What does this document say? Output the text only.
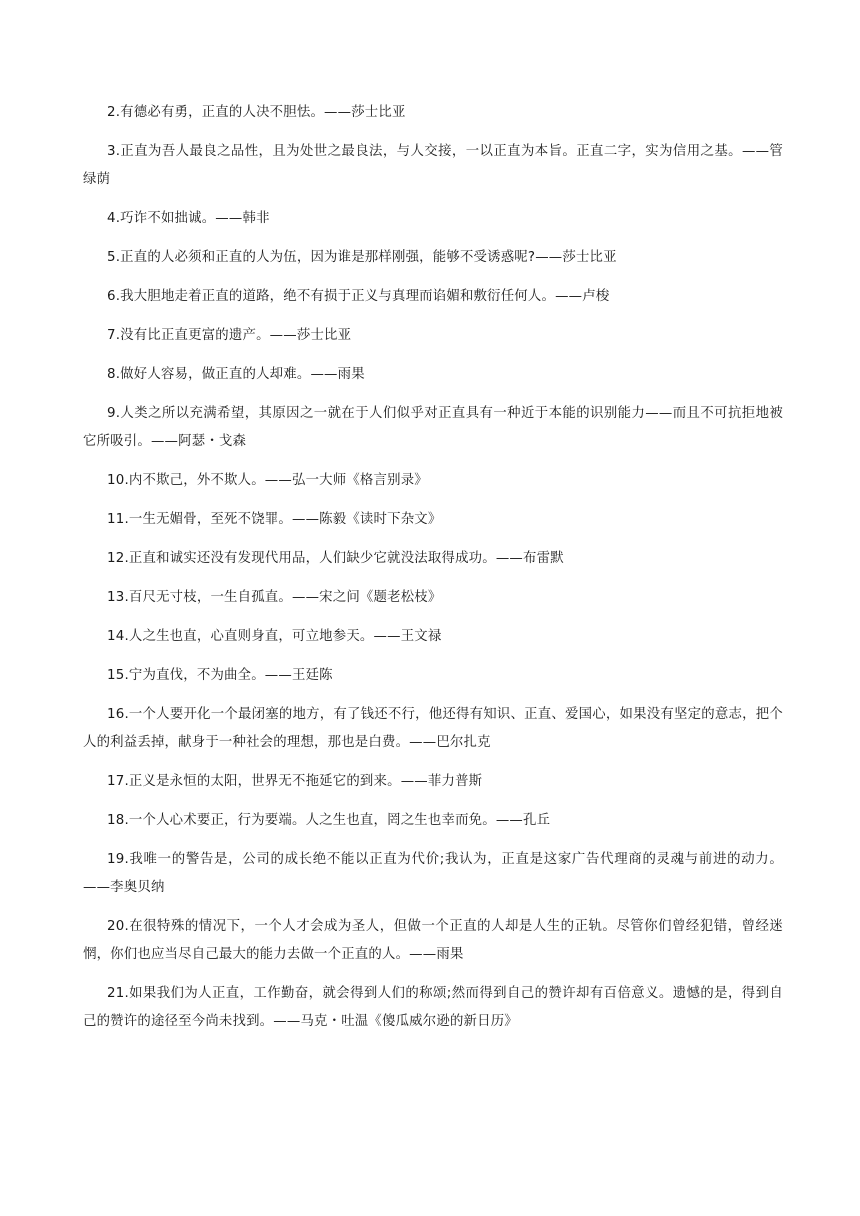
2.有德必有勇，正直的人决不胆怯。——莎士比亚

3.正直为吾人最良之品性，且为处世之最良法，与人交接，一以正直为本旨。正直二字，实为信用之基。——管绿荫

4.巧诈不如拙诚。——韩非

5.正直的人必须和正直的人为伍，因为谁是那样刚强，能够不受诱惑呢?——莎士比亚

6.我大胆地走着正直的道路，绝不有损于正义与真理而谄媚和敷衍任何人。——卢梭

7.没有比正直更富的遗产。——莎士比亚

8.做好人容易，做正直的人却难。——雨果

9.人类之所以充满希望，其原因之一就在于人们似乎对正直具有一种近于本能的识别能力——而且不可抗拒地被它所吸引。——阿瑟・戈森

10.内不欺己，外不欺人。——弘一大师《格言别录》

11.一生无媚骨，至死不饶罪。——陈毅《读时下杂文》

12.正直和诚实还没有发现代用品，人们缺少它就没法取得成功。——布雷默

13.百尺无寸枝，一生自孤直。——宋之问《题老松枝》

14.人之生也直，心直则身直，可立地参天。——王文禄

15.宁为直伐，不为曲全。——王廷陈

16.一个人要开化一个最闭塞的地方，有了钱还不行，他还得有知识、正直、爱国心，如果没有坚定的意志，把个人的利益丢掉，献身于一种社会的理想，那也是白费。——巴尔扎克

17.正义是永恒的太阳，世界无不拖延它的到来。——菲力普斯

18.一个人心术要正，行为要端。人之生也直，罔之生也幸而免。——孔丘

19.我唯一的警告是，公司的成长绝不能以正直为代价;我认为，正直是这家广告代理商的灵魂与前进的动力。——李奥贝纳

20.在很特殊的情况下，一个人才会成为圣人，但做一个正直的人却是人生的正轨。尽管你们曾经犯错，曾经迷惘，你们也应当尽自己最大的能力去做一个正直的人。——雨果

21.如果我们为人正直，工作勤奋，就会得到人们的称颂;然而得到自己的赞许却有百倍意义。遗憾的是，得到自己的赞许的途径至今尚未找到。——马克・吐温《傻瓜威尔逊的新日历》
